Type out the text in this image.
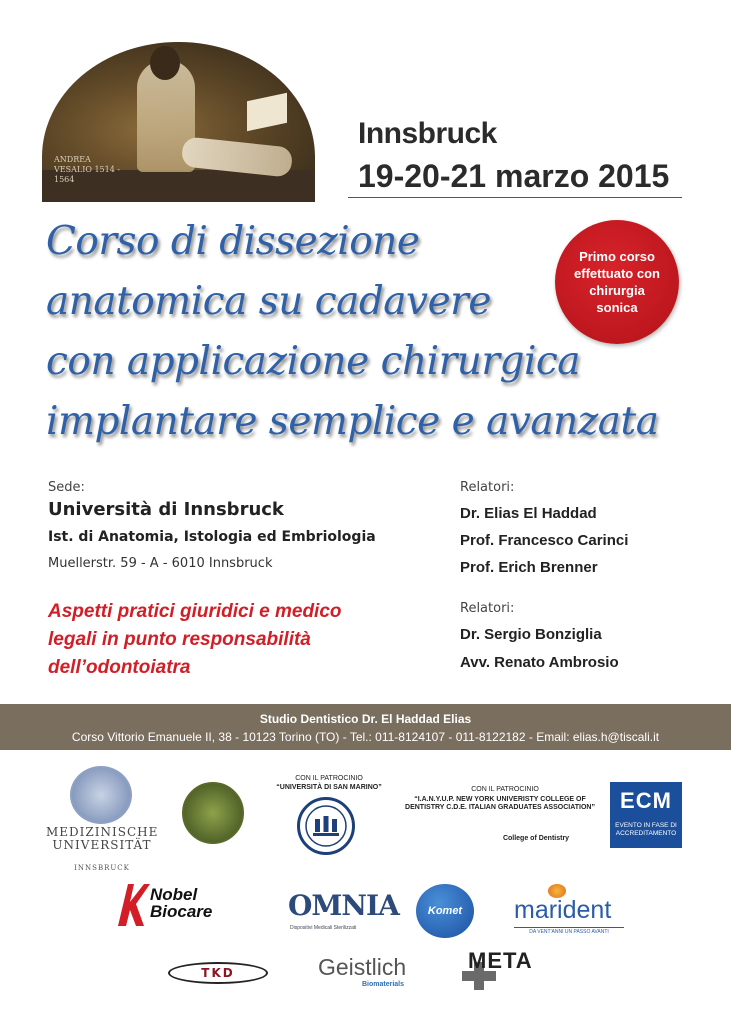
ANDREA VESALIO 1514 - 1564
Innsbruck
19-20-21 marzo 2015
Corso di dissezione
anatomica su cadavere
con applicazione chirurgica
implantare semplice e avanzata
Primo corso effettuato con chirurgia sonica
Sede:
Università di Innsbruck
Ist. di Anatomia, Istologia ed Embriologia
Muellerstr. 59 - A - 6010 Innsbruck
Aspetti pratici giuridici e medico legali in punto responsabilità dell’odontoiatra
Relatori:
Dr. Elias El Haddad
Prof. Francesco Carinci
Prof. Erich Brenner
Relatori:
Dr. Sergio Bonziglia
Avv. Renato Ambrosio
Studio Dentistico Dr. El Haddad Elias
Corso Vittorio Emanuele II, 38 - 10123 Torino (TO) - Tel.: 011-8124107 - 011-8122182 - Email: elias.h@tiscali.it
MEDIZINISCHE
UNIVERSITÄT
INNSBRUCK
CON IL PATROCINIO
“UNIVERSITÀ DI SAN MARINO”	CON IL PATROCINIO
“I.A.N.Y.U.P. NEW YORK UNIVERISTY COLLEGE OF DENTISTRY C.D.E. ITALIAN GRADUATES ASSOCIATION”
College of Dentistry
ECM
EVENTO IN FASE DI ACCREDITAMENTO
Nobel
Biocare	OMNIA
Dispositivi Medicali Sterilizzati
Komet marident
DA VENT'ANNI UN PASSO AVANTI
TKD	Geistlich
Biomaterials
META
